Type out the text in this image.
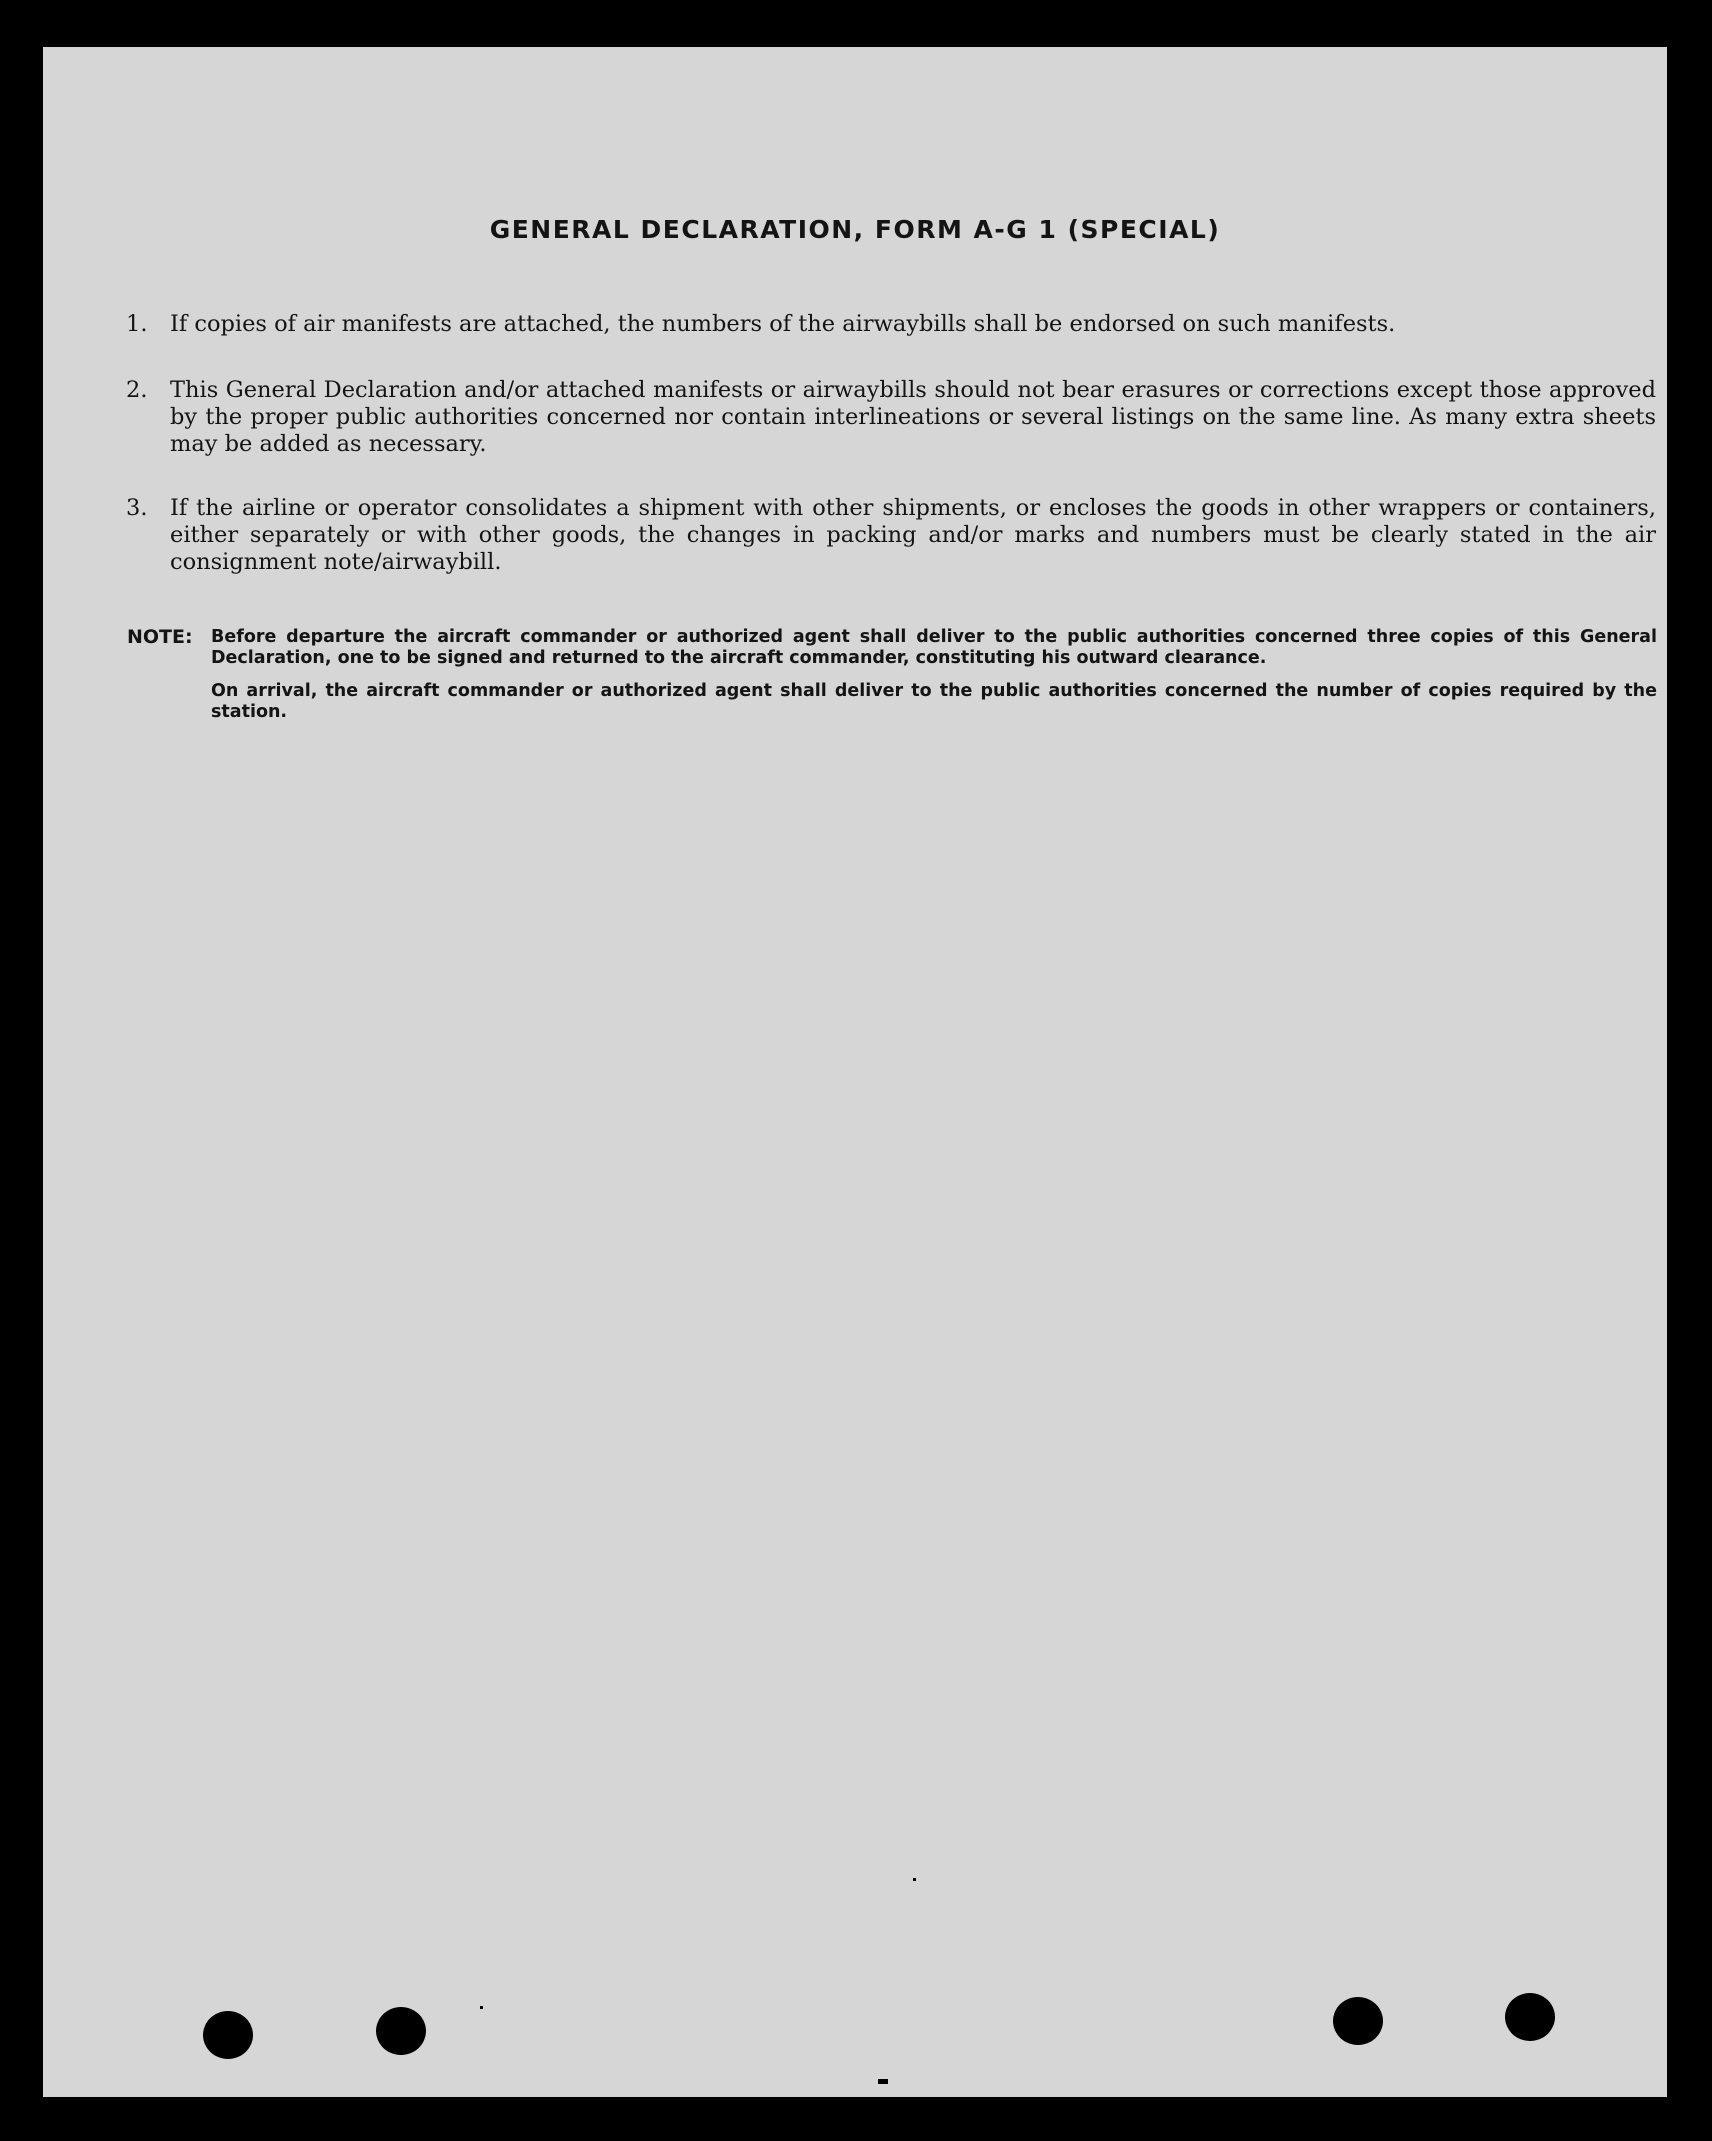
GENERAL DECLARATION, FORM A-G 1 (SPECIAL)
1. If copies of air manifests are attached, the numbers of the airwaybills shall be endorsed on such manifests.
2. This General Declaration and/or attached manifests or airwaybills should not bear erasures or corrections except those approved by the proper public authorities concerned nor contain interlineations or several listings on the same line. As many extra sheets may be added as necessary.
3. If the airline or operator consolidates a shipment with other shipments, or encloses the goods in other wrappers or containers, either separately or with other goods, the changes in packing and/or marks and numbers must be clearly stated in the air consignment note/airwaybill.
NOTE: Before departure the aircraft commander or authorized agent shall deliver to the public authorities concerned three copies of this General Declaration, one to be signed and returned to the aircraft commander, constituting his outward clearance.

On arrival, the aircraft commander or authorized agent shall deliver to the public authorities concerned the number of copies required by the station.
